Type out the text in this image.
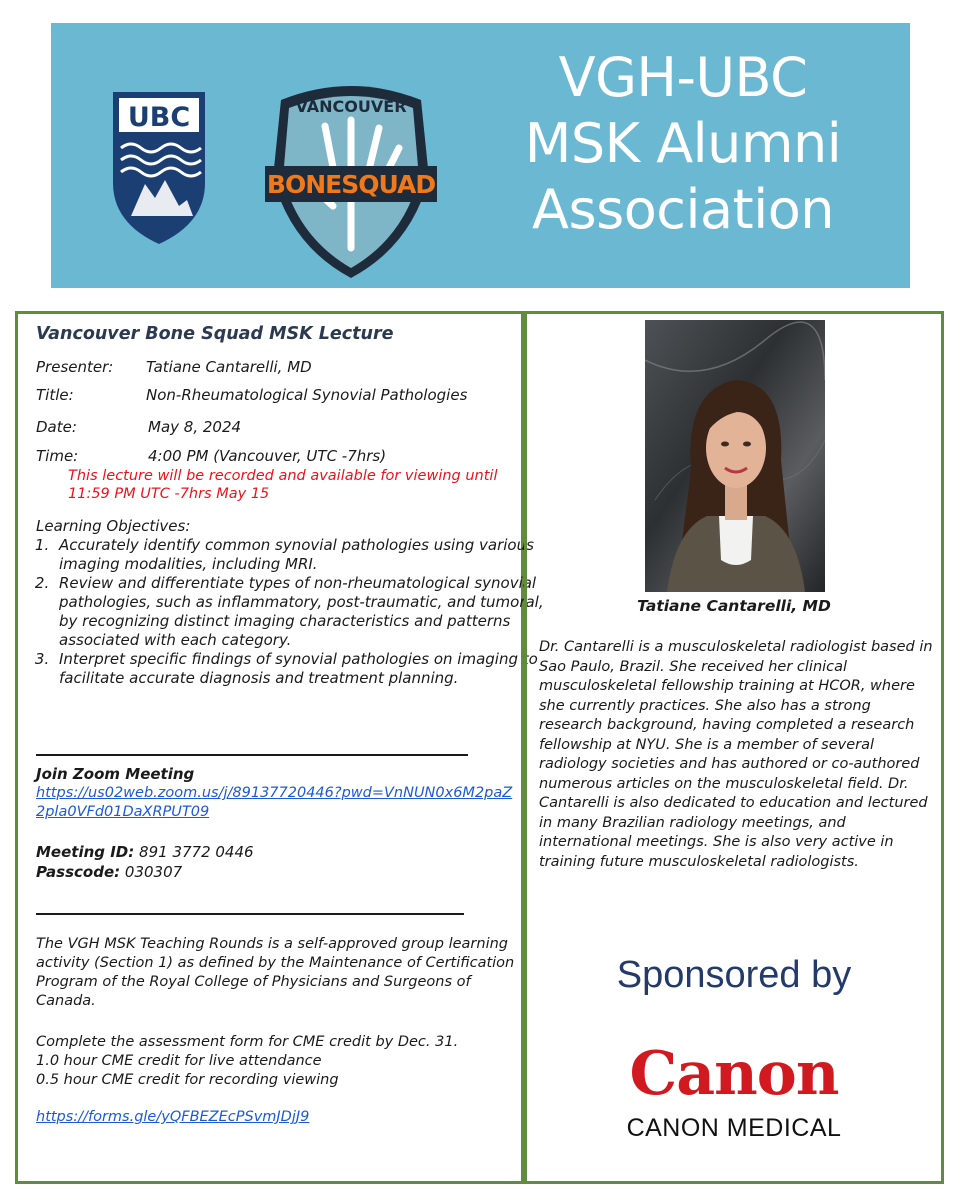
UBC	VANCOUVER
BONESQUAD
VGH-UBC
MSK Alumni
Association
Vancouver Bone Squad MSK Lecture
Presenter: Tatiane Cantarelli, MD
Title:	Non-Rheumatological Synovial Pathologies
Date:	May 8, 2024
Time:	4:00 PM (Vancouver, UTC -7hrs)
This lecture will be recorded and available for viewing until 11:59 PM UTC -7hrs May 15
Learning Objectives:
1. Accurately identify common synovial pathologies using various imaging modalities, including MRI.
2. Review and differentiate types of non-rheumatological synovial pathologies, such as inflammatory, post-traumatic, and tumoral, by recognizing distinct imaging characteristics and patterns associated with each category.
3. Interpret specific findings of synovial pathologies on imaging to facilitate accurate diagnosis and treatment planning.
Join Zoom Meeting
https://us02web.zoom.us/j/89137720446?pwd=VnNUN0x6M2paZ2pla0VFd01DaXRPUT09
Meeting ID: 891 3772 0446
Passcode: 030307
The VGH MSK Teaching Rounds is a self-approved group learning activity (Section 1) as defined by the Maintenance of Certification Program of the Royal College of Physicians and Surgeons of Canada.
Complete the assessment form for CME credit by Dec. 31.
1.0 hour CME credit for live attendance
0.5 hour CME credit for recording viewing
https://forms.gle/yQFBEZEcPSvmJDjJ9
Tatiane Cantarelli, MD
Dr. Cantarelli is a musculoskeletal radiologist based in Sao Paulo, Brazil. She received her clinical musculoskeletal fellowship training at HCOR, where she currently practices. She also has a strong research background, having completed a research fellowship at NYU. She is a member of several radiology societies and has authored or co-authored numerous articles on the musculoskeletal field. Dr. Cantarelli is also dedicated to education and lectured in many Brazilian radiology meetings, and international meetings. She is also very active in training future musculoskeletal radiologists.
Sponsored by
Canon
CANON MEDICAL
